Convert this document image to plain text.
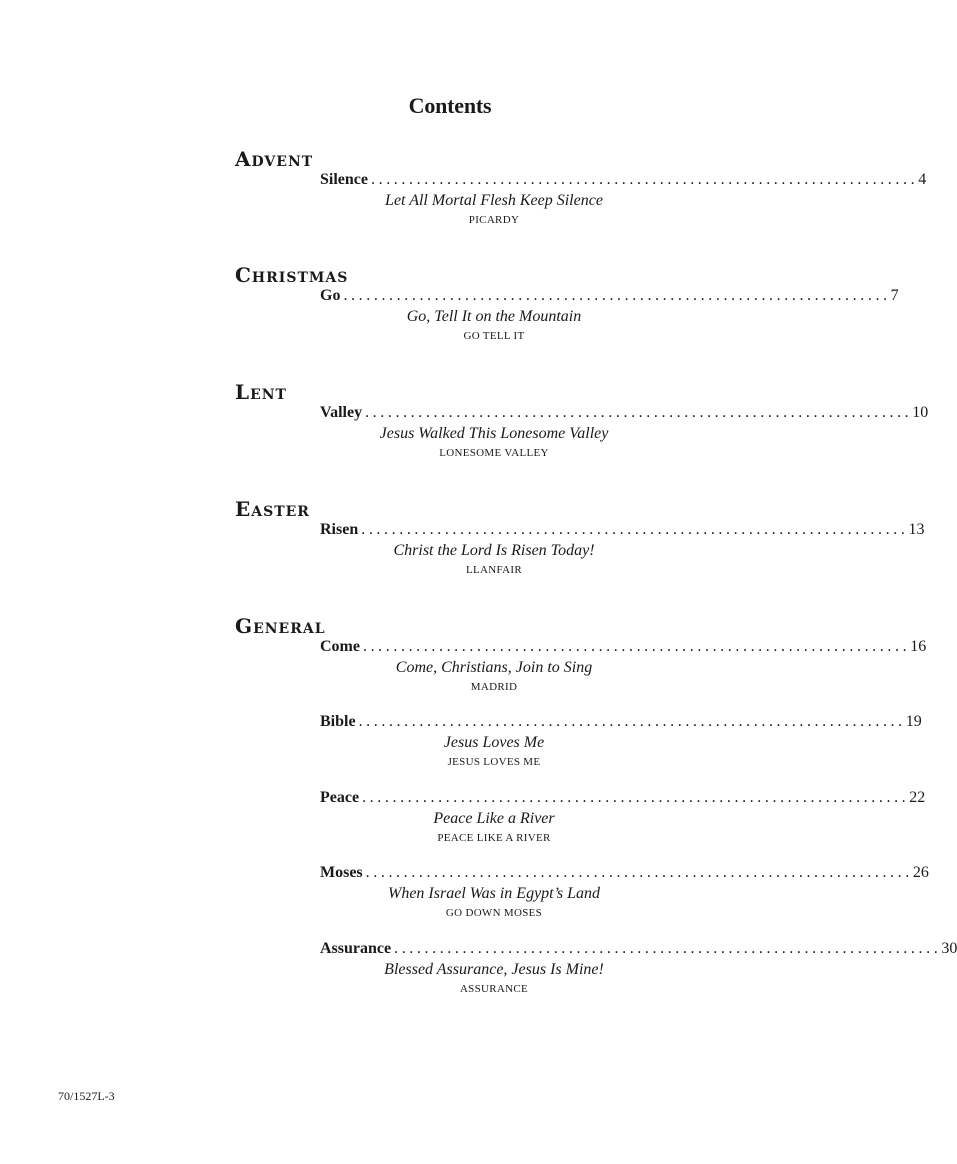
Contents
Advent
Christmas
Lent
Easter
General
Silence ........................................................................ 4
Let All Mortal Flesh Keep Silence
PICARDY
Go ........................................................................ 7
Go, Tell It on the Mountain
GO TELL IT
Valley ........................................................................ 10
Jesus Walked This Lonesome Valley
LONESOME VALLEY
Risen ........................................................................ 13
Christ the Lord Is Risen Today!
LLANFAIR
Come ........................................................................ 16
Come, Christians, Join to Sing
MADRID
Bible ........................................................................ 19
Jesus Loves Me
JESUS LOVES ME
Peace ........................................................................ 22
Peace Like a River
PEACE LIKE A RIVER
Moses ........................................................................ 26
When Israel Was in Egypt’s Land
GO DOWN MOSES
Assurance ........................................................................ 30
Blessed Assurance, Jesus Is Mine!
ASSURANCE
70/1527L-3
